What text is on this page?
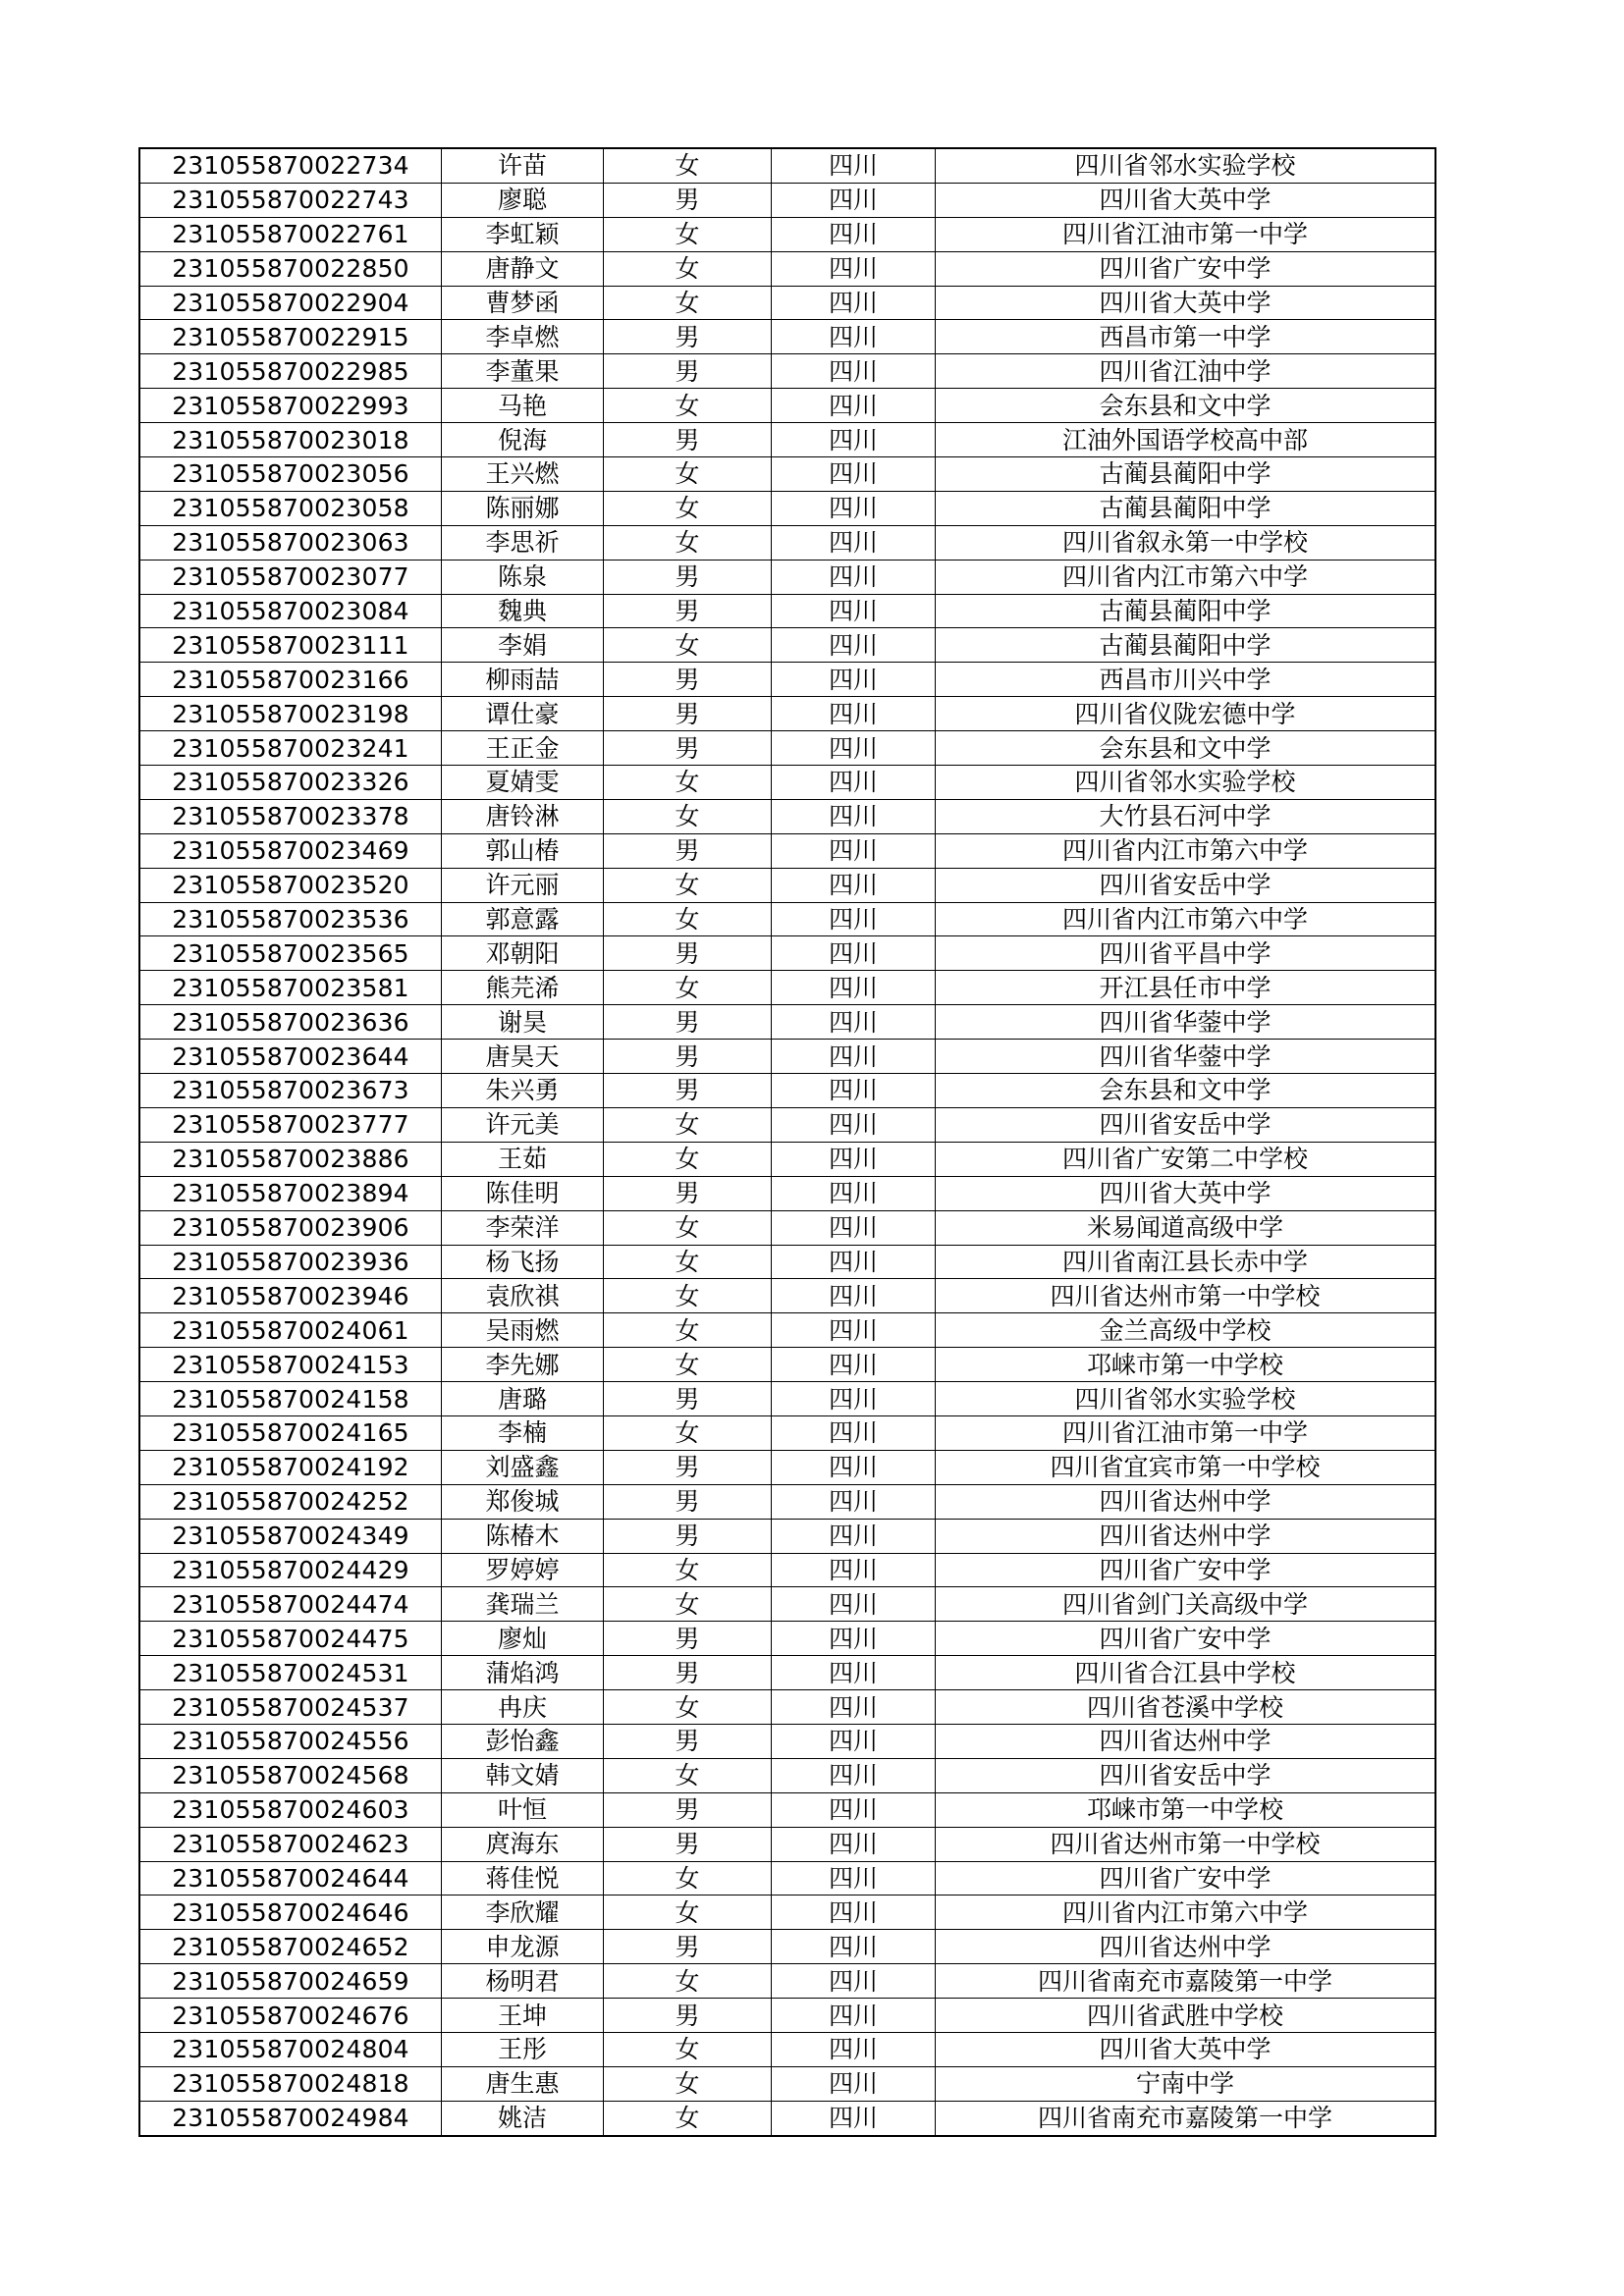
231055870022734	许苗	女	四川	四川省邻水实验学校
231055870022743	廖聪	男	四川	四川省大英中学
231055870022761	李虹颖	女	四川	四川省江油市第一中学
231055870022850	唐静文	女	四川	四川省广安中学
231055870022904	曹梦函	女	四川	四川省大英中学
231055870022915	李卓燃	男	四川	西昌市第一中学
231055870022985	李董果	男	四川	四川省江油中学
231055870022993	马艳	女	四川	会东县和文中学
231055870023018	倪海	男	四川	江油外国语学校高中部
231055870023056	王兴燃	女	四川	古蔺县蔺阳中学
231055870023058	陈丽娜	女	四川	古蔺县蔺阳中学
231055870023063	李思祈	女	四川	四川省叙永第一中学校
231055870023077	陈泉	男	四川	四川省内江市第六中学
231055870023084	魏典	男	四川	古蔺县蔺阳中学
231055870023111	李娟	女	四川	古蔺县蔺阳中学
231055870023166	柳雨喆	男	四川	西昌市川兴中学
231055870023198	谭仕豪	男	四川	四川省仪陇宏德中学
231055870023241	王正金	男	四川	会东县和文中学
231055870023326	夏婧雯	女	四川	四川省邻水实验学校
231055870023378	唐铃淋	女	四川	大竹县石河中学
231055870023469	郭山椿	男	四川	四川省内江市第六中学
231055870023520	许元丽	女	四川	四川省安岳中学
231055870023536	郭意露	女	四川	四川省内江市第六中学
231055870023565	邓朝阳	男	四川	四川省平昌中学
231055870023581	熊芫浠	女	四川	开江县任市中学
231055870023636	谢昊	男	四川	四川省华蓥中学
231055870023644	唐昊天	男	四川	四川省华蓥中学
231055870023673	朱兴勇	男	四川	会东县和文中学
231055870023777	许元美	女	四川	四川省安岳中学
231055870023886	王茹	女	四川	四川省广安第二中学校
231055870023894	陈佳明	男	四川	四川省大英中学
231055870023906	李荣洋	女	四川	米易闻道高级中学
231055870023936	杨飞扬	女	四川	四川省南江县长赤中学
231055870023946	袁欣祺	女	四川	四川省达州市第一中学校
231055870024061	吴雨燃	女	四川	金兰高级中学校
231055870024153	李先娜	女	四川	邛崃市第一中学校
231055870024158	唐璐	男	四川	四川省邻水实验学校
231055870024165	李楠	女	四川	四川省江油市第一中学
231055870024192	刘盛鑫	男	四川	四川省宜宾市第一中学校
231055870024252	郑俊城	男	四川	四川省达州中学
231055870024349	陈椿木	男	四川	四川省达州中学
231055870024429	罗婷婷	女	四川	四川省广安中学
231055870024474	龚瑞兰	女	四川	四川省剑门关高级中学
231055870024475	廖灿	男	四川	四川省广安中学
231055870024531	蒲焰鸿	男	四川	四川省合江县中学校
231055870024537	冉庆	女	四川	四川省苍溪中学校
231055870024556	彭怡鑫	男	四川	四川省达州中学
231055870024568	韩文婧	女	四川	四川省安岳中学
231055870024603	叶恒	男	四川	邛崃市第一中学校
231055870024623	庹海东	男	四川	四川省达州市第一中学校
231055870024644	蒋佳悦	女	四川	四川省广安中学
231055870024646	李欣耀	女	四川	四川省内江市第六中学
231055870024652	申龙源	男	四川	四川省达州中学
231055870024659	杨明君	女	四川	四川省南充市嘉陵第一中学
231055870024676	王坤	男	四川	四川省武胜中学校
231055870024804	王彤	女	四川	四川省大英中学
231055870024818	唐生惠	女	四川	宁南中学
231055870024984	姚洁	女	四川	四川省南充市嘉陵第一中学
